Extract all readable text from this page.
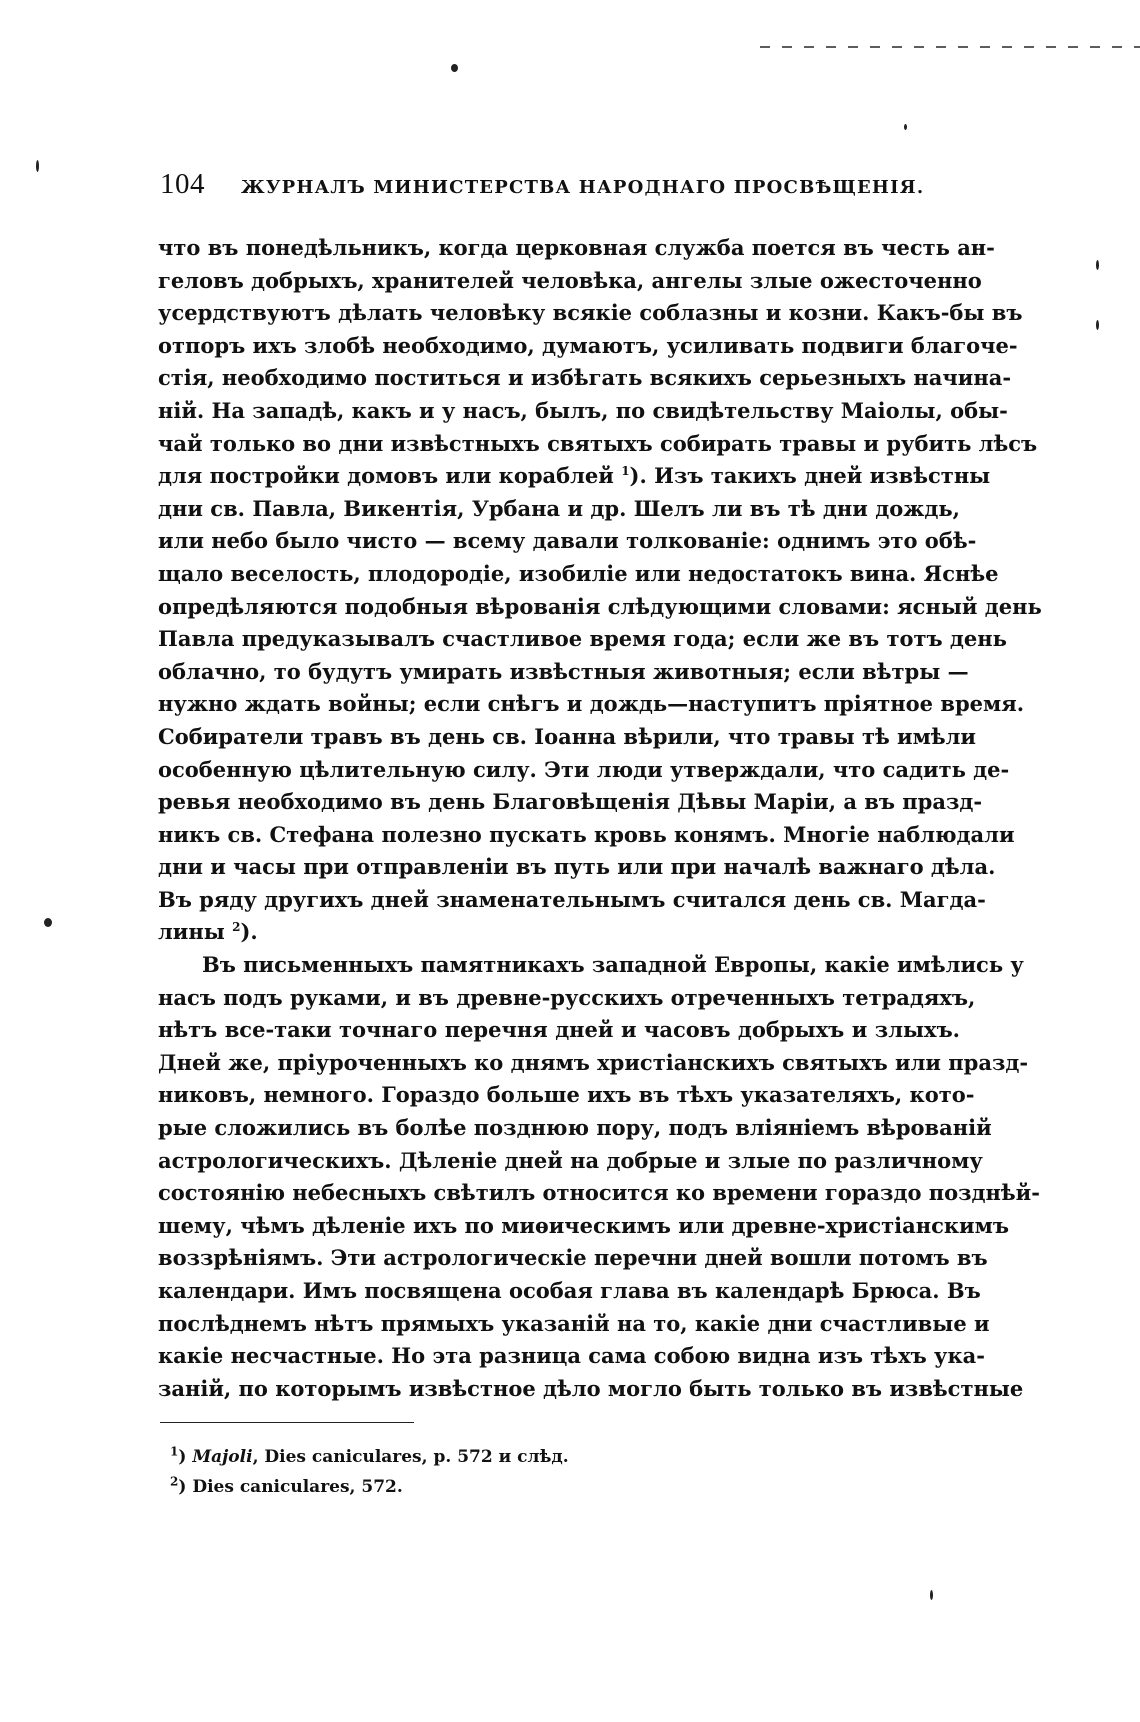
104 ЖУРНАЛЪ МИНИСТЕРСТВА НАРОДНАГО ПРОСВѢЩЕНІЯ.
что въ понедѣльникъ, когда церковная служба поется въ честь ан-
геловъ добрыхъ, хранителей человѣка, ангелы злые ожесточенно
усердствуютъ дѣлать человѣку всякіе соблазны и козни. Какъ-бы въ
отпоръ ихъ злобѣ необходимо, думаютъ, усиливать подвиги благоче-
стія, необходимо поститься и избѣгать всякихъ серьезныхъ начина-
ній. На западѣ, какъ и у насъ, былъ, по свидѣтельству Маіолы, обы-
чай только во дни извѣстныхъ святыхъ собирать травы и рубить лѣсъ
для постройки домовъ или кораблей $^1$). Изъ такихъ дней извѣстны
дни св. Павла, Викентія, Урбана и др. Шелъ ли въ тѣ дни дождь,
или небо было чисто — всему давали толкованіе: однимъ это обѣ-
щало веселость, плодородіе, изобиліе или недостатокъ вина. Яснѣе
опредѣляются подобныя вѣрованія слѣдующими словами: ясный день
Павла предуказывалъ счастливое время года; если же въ тотъ день
облачно, то будутъ умирать извѣстныя животныя; если вѣтры —
нужно ждать войны; если снѣгъ и дождь—наступитъ пріятное время.
Собиратели травъ въ день св. Іоанна вѣрили, что травы тѣ имѣли
особенную цѣлительную силу. Эти люди утверждали, что садить де-
ревья необходимо въ день Благовѣщенія Дѣвы Маріи, а въ празд-
никъ св. Стефана полезно пускать кровь конямъ. Многіе наблюдали
дни и часы при отправленіи въ путь или при началѣ важнаго дѣла.
Въ ряду другихъ дней знаменательнымъ считался день св. Магда-
лины $^2$).
Въ письменныхъ памятникахъ западной Европы, какіе имѣлись у
насъ подъ руками, и въ древне-русскихъ отреченныхъ тетрадяхъ,
нѣтъ все-таки точнаго перечня дней и часовъ добрыхъ и злыхъ.
Дней же, пріуроченныхъ ко днямъ христіанскихъ святыхъ или празд-
никовъ, немного. Гораздо больше ихъ въ тѣхъ указателяхъ, кото-
рые сложились въ болѣе позднюю пору, подъ вліяніемъ вѣрованій
астрологическихъ. Дѣленіе дней на добрые и злые по различному
состоянію небесныхъ свѣтилъ относится ко времени гораздо позднѣй-
шему, чѣмъ дѣленіе ихъ по миѳическимъ или древне-христіанскимъ
воззрѣніямъ. Эти астрологическіе перечни дней вошли потомъ въ
календари. Имъ посвящена особая глава въ календарѣ Брюса. Въ
послѣднемъ нѣтъ прямыхъ указаній на то, какіе дни счастливые и
какіе несчастные. Но эта разница сама собою видна изъ тѣхъ ука-
заній, по которымъ извѣстное дѣло могло быть только въ извѣстные
$^1$) Majoli, Dies caniculares, p. 572 и слѣд.
$^2$) Dies caniculares, 572.
